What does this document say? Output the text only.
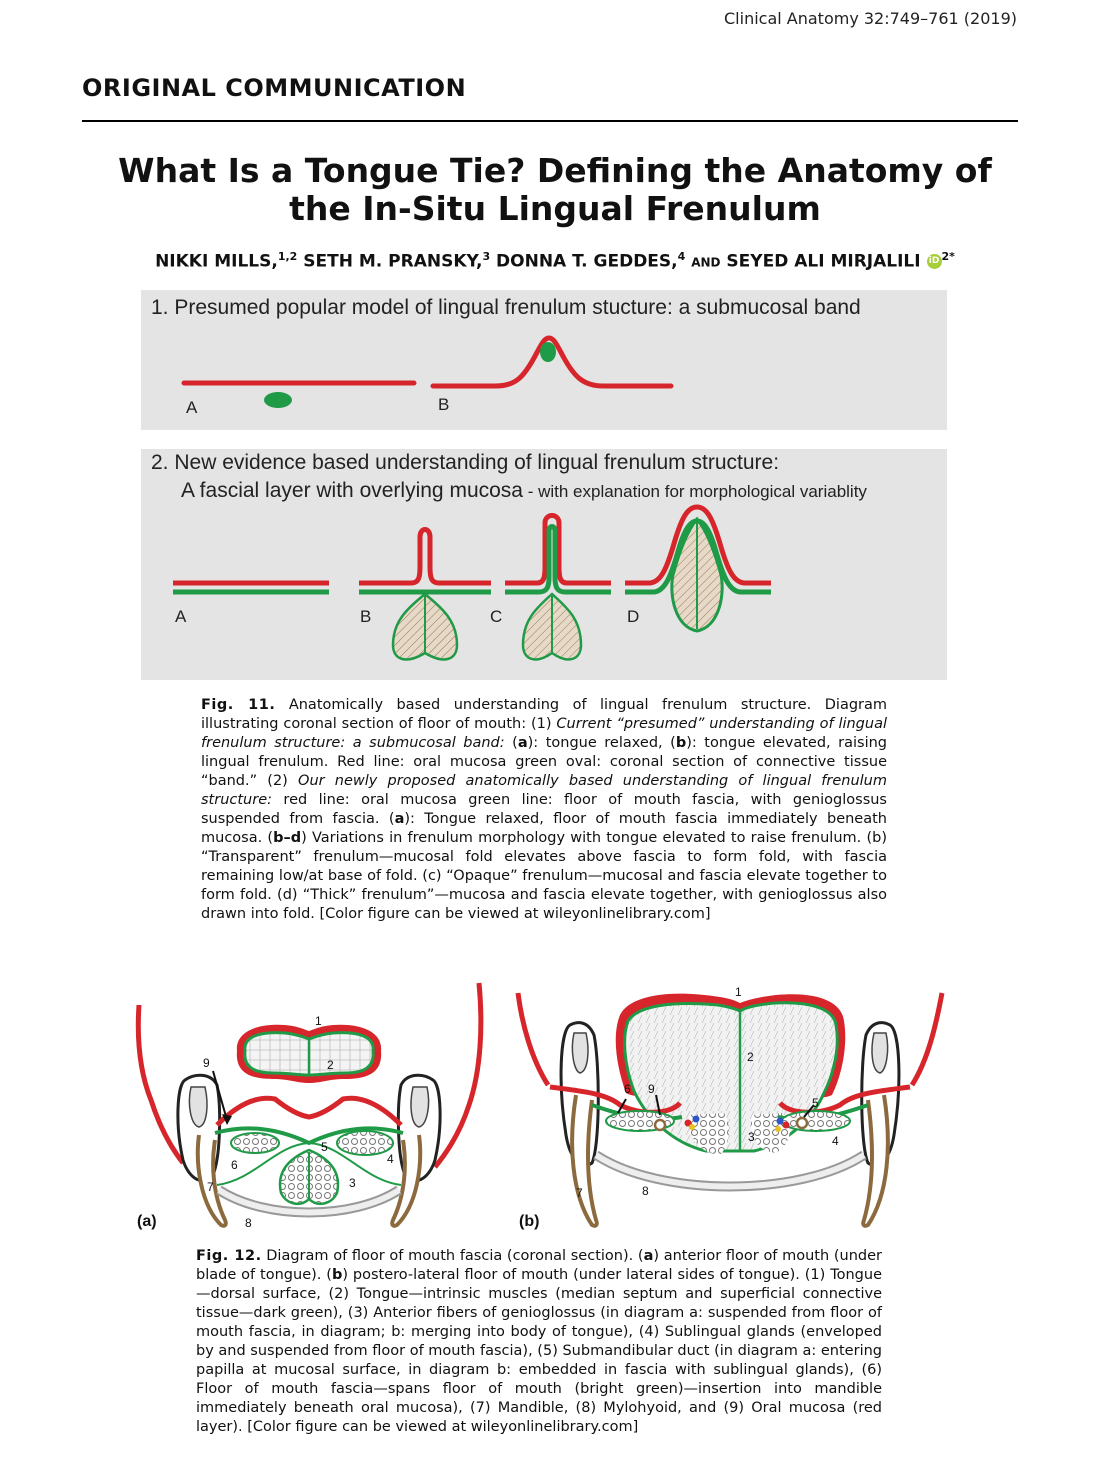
Clinical Anatomy 32:749–761 (2019)
ORIGINAL COMMUNICATION
What Is a Tongue Tie? Defining the Anatomy of
the In-Situ Lingual Frenulum
NIKKI MILLS,$^{1,2}$ SETH M. PRANSKY,$^3$ DONNA T. GEDDES,$^4$ AND SEYED ALI MIRJALILI iD $^{2*}$
1. Presumed popular model of lingual frenulum stucture: a submucosal band
A	B
2. New evidence based understanding of lingual frenulum structure:
A fascial layer with overlying mucosa - with explanation for morphological variablity
A	B	C	D
Fig. 11. Anatomically based understanding of lingual frenulum structure. Diagram illustrating coronal section of floor of mouth: (1) Current “presumed” understanding of lingual frenulum structure: a submucosal band: (a): tongue relaxed, (b): tongue elevated, raising lingual frenulum. Red line: oral mucosa green oval: coronal section of connective tissue “band.” (2) Our newly proposed anatomically based understanding of lingual frenulum structure: red line: oral mucosa green line: floor of mouth fascia, with genioglossus suspended from fascia. (a): Tongue relaxed, floor of mouth fascia immediately beneath mucosa. (b–d) Variations in frenulum morphology with tongue elevated to raise frenulum. (b) “Transparent” frenulum—mucosal fold elevates above fascia to form fold, with fascia remaining low/at base of fold. (c) “Opaque” frenulum—mucosal and fascia elevate together to form fold. (d) “Thick” frenulum”—mucosa and fascia elevate together, with genioglossus also drawn into fold. [Color figure can be viewed at wileyonlinelibrary.com]
1
2
3
4
5
6
7
8
9
(a)
1
2
3	4
5
6
7	8
9
(b)
Fig. 12. Diagram of floor of mouth fascia (coronal section). (a) anterior floor of mouth (under blade of tongue). (b) postero-lateral floor of mouth (under lateral sides of tongue). (1) Tongue—dorsal surface, (2) Tongue—intrinsic muscles (median septum and superficial connective tissue—dark green), (3) Anterior fibers of genioglossus (in diagram a: suspended from floor of mouth fascia, in diagram; b: merging into body of tongue), (4) Sublingual glands (enveloped by and suspended from floor of mouth fascia), (5) Submandibular duct (in diagram a: entering papilla at mucosal surface, in diagram b: embedded in fascia with sublingual glands), (6) Floor of mouth fascia—spans floor of mouth (bright green)—insertion into mandible immediately beneath oral mucosa), (7) Mandible, (8) Mylohyoid, and (9) Oral mucosa (red layer). [Color figure can be viewed at wileyonlinelibrary.com]
